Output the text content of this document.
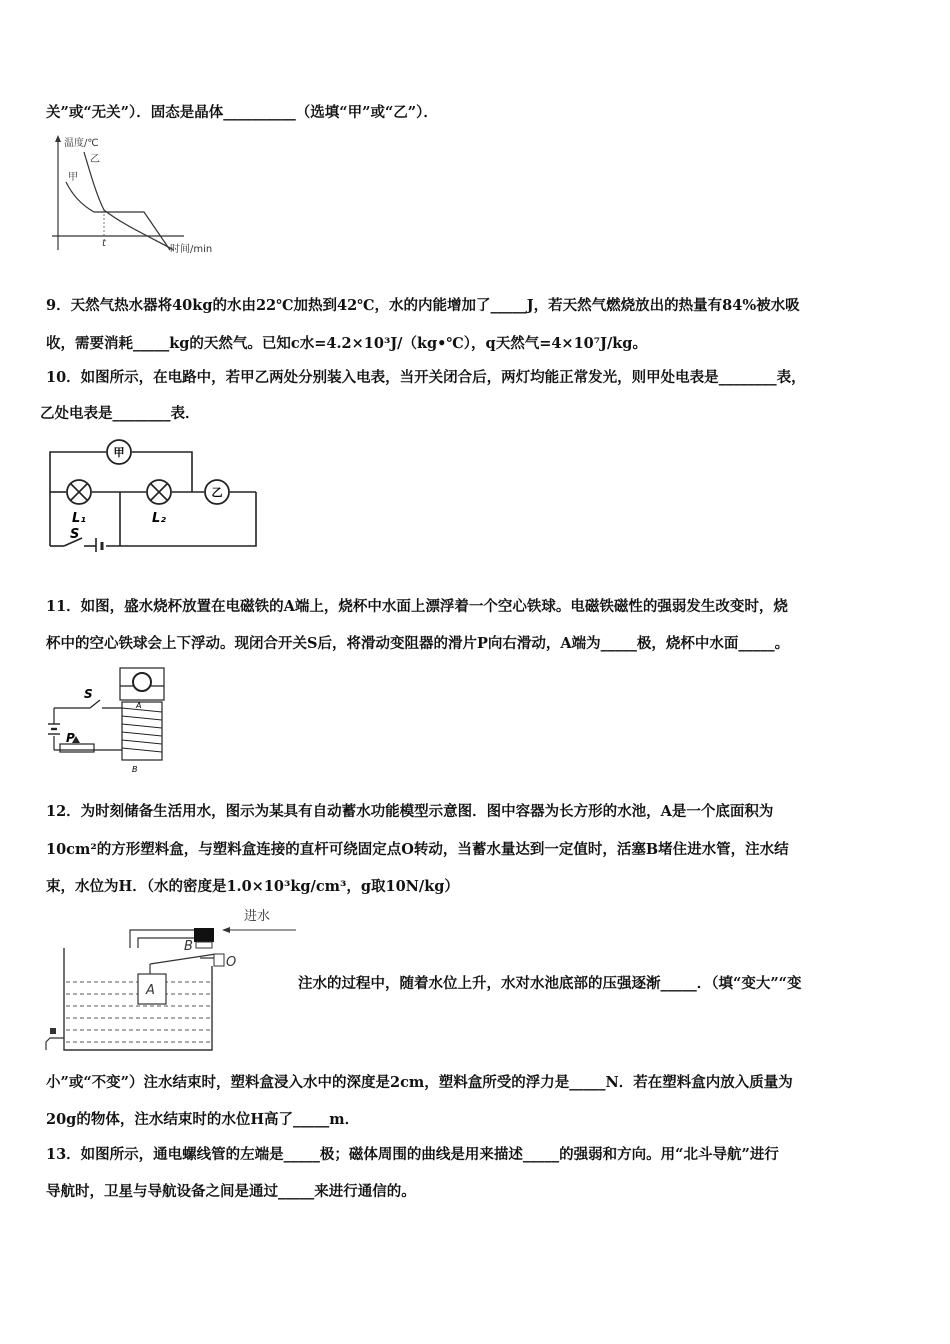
关”或“无关”）．固态是晶体__________（选填“甲”或“乙”）．
温度/℃
乙
甲
t
时间/min
9．天然气热水器将40kg的水由22℃加热到42℃，水的内能增加了_____J，若天然气燃烧放出的热量有84%被水吸
收，需要消耗_____kg的天然气。已知c水=4.2×10³J/（kg•℃），q天然气=4×10⁷J/kg。
10．如图所示，在电路中，若甲乙两处分别装入电表，当开关闭合后，两灯均能正常发光，则甲处电表是________表，
乙处电表是________表．
甲
乙
L₁	L₂
S
11．如图，盛水烧杯放置在电磁铁的A端上，烧杯中水面上漂浮着一个空心铁球。电磁铁磁性的强弱发生改变时，烧
杯中的空心铁球会上下浮动。现闭合开关S后，将滑动变阻器的滑片P向右滑动，A端为_____极，烧杯中水面_____。
S
P
A
B
12．为时刻储备生活用水，图示为某具有自动蓄水功能模型示意图．图中容器为长方形的水池，A是一个底面积为
10cm²的方形塑料盒，与塑料盒连接的直杆可绕固定点O转动，当蓄水量达到一定值时，活塞B堵住进水管，注水结
束，水位为H．（水的密度是1.0×10³kg/cm³，g取10N/kg）
进水
B
O
A	注水的过程中，随着水位上升，水对水池底部的压强逐渐_____．（填“变大”“变
小”或“不变”）注水结束时，塑料盒浸入水中的深度是2cm，塑料盒所受的浮力是_____N．若在塑料盒内放入质量为
20g的物体，注水结束时的水位H高了_____m．
13．如图所示，通电螺线管的左端是_____极；磁体周围的曲线是用来描述_____的强弱和方向。用“北斗导航”进行
导航时，卫星与导航设备之间是通过_____来进行通信的。
